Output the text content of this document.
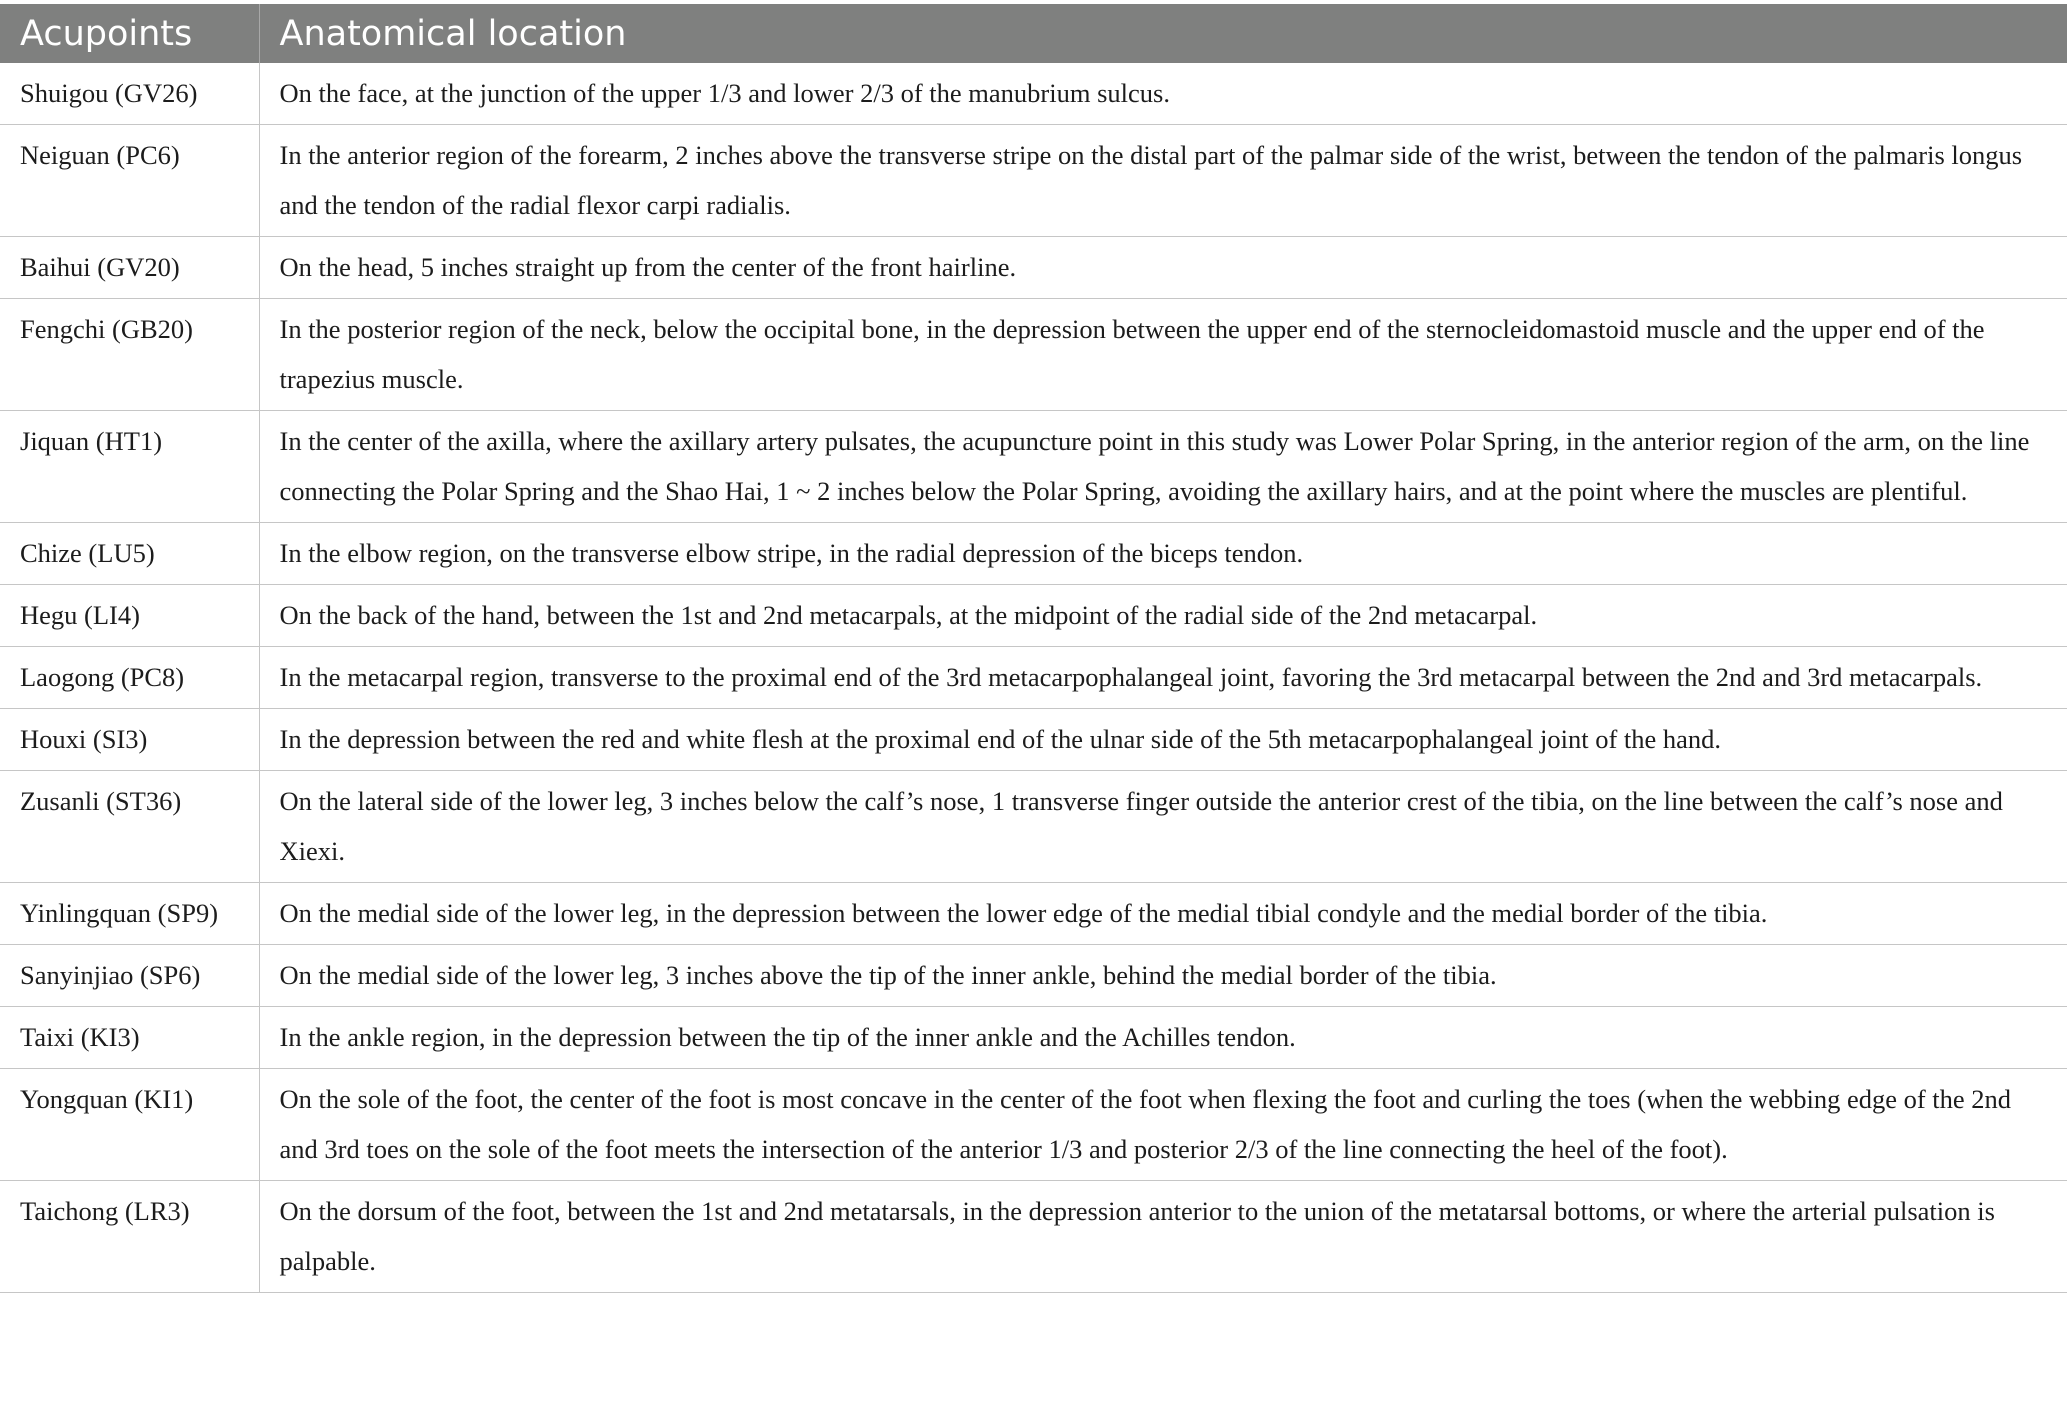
Acupoints	Anatomical location
Shuigou (GV26)	On the face, at the junction of the upper 1/3 and lower 2/3 of the manubrium sulcus.
Neiguan (PC6)	In the anterior region of the forearm, 2 inches above the transverse stripe on the distal part of the palmar side of the wrist, between the tendon of the palmaris longus and the tendon of the radial flexor carpi radialis.
Baihui (GV20)	On the head, 5 inches straight up from the center of the front hairline.
Fengchi (GB20)	In the posterior region of the neck, below the occipital bone, in the depression between the upper end of the sternocleidomastoid muscle and the upper end of the trapezius muscle.
Jiquan (HT1)	In the center of the axilla, where the axillary artery pulsates, the acupuncture point in this study was Lower Polar Spring, in the anterior region of the arm, on the line connecting the Polar Spring and the Shao Hai, 1 ~ 2 inches below the Polar Spring, avoiding the axillary hairs, and at the point where the muscles are plentiful.
Chize (LU5)	In the elbow region, on the transverse elbow stripe, in the radial depression of the biceps tendon.
Hegu (LI4)	On the back of the hand, between the 1st and 2nd metacarpals, at the midpoint of the radial side of the 2nd metacarpal.
Laogong (PC8)	In the metacarpal region, transverse to the proximal end of the 3rd metacarpophalangeal joint, favoring the 3rd metacarpal between the 2nd and 3rd metacarpals.
Houxi (SI3)	In the depression between the red and white flesh at the proximal end of the ulnar side of the 5th metacarpophalangeal joint of the hand.
Zusanli (ST36)	On the lateral side of the lower leg, 3 inches below the calf’s nose, 1 transverse finger outside the anterior crest of the tibia, on the line between the calf’s nose and Xiexi.
Yinlingquan (SP9)	On the medial side of the lower leg, in the depression between the lower edge of the medial tibial condyle and the medial border of the tibia.
Sanyinjiao (SP6)	On the medial side of the lower leg, 3 inches above the tip of the inner ankle, behind the medial border of the tibia.
Taixi (KI3)	In the ankle region, in the depression between the tip of the inner ankle and the Achilles tendon.
Yongquan (KI1)	On the sole of the foot, the center of the foot is most concave in the center of the foot when flexing the foot and curling the toes (when the webbing edge of the 2nd and 3rd toes on the sole of the foot meets the intersection of the anterior 1/3 and posterior 2/3 of the line connecting the heel of the foot).
Taichong (LR3)	On the dorsum of the foot, between the 1st and 2nd metatarsals, in the depression anterior to the union of the metatarsal bottoms, or where the arterial pulsation is palpable.
